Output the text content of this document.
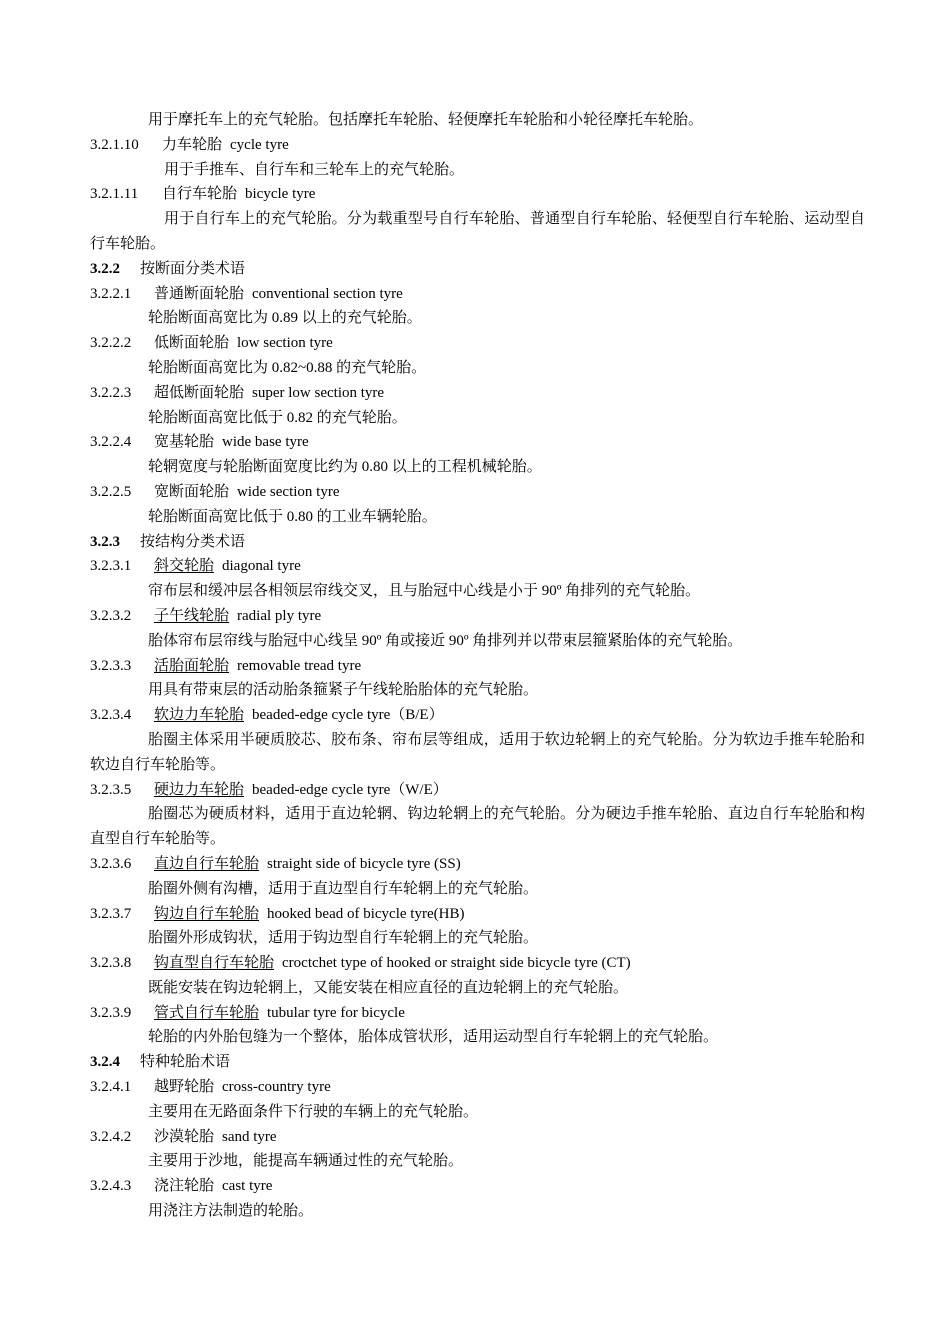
用于摩托车上的充气轮胎。包括摩托车轮胎、轻便摩托车轮胎和小轮径摩托车轮胎。
3.2.1.10 力车轮胎 cycle tyre
用于手推车、自行车和三轮车上的充气轮胎。
3.2.1.11 自行车轮胎 bicycle tyre
用于自行车上的充气轮胎。分为载重型号自行车轮胎、普通型自行车轮胎、轻便型自行车轮胎、运动型自行车轮胎。
3.2.2 按断面分类术语
3.2.2.1 普通断面轮胎 conventional section tyre
轮胎断面高宽比为 0.89 以上的充气轮胎。
3.2.2.2 低断面轮胎 low section tyre
轮胎断面高宽比为 0.82~0.88 的充气轮胎。
3.2.2.3 超低断面轮胎 super low section tyre
轮胎断面高宽比低于 0.82 的充气轮胎。
3.2.2.4 宽基轮胎 wide base tyre
轮辋宽度与轮胎断面宽度比约为 0.80 以上的工程机械轮胎。
3.2.2.5 宽断面轮胎 wide section tyre
轮胎断面高宽比低于 0.80 的工业车辆轮胎。
3.2.3 按结构分类术语
3.2.3.1 斜交轮胎 diagonal tyre
帘布层和缓冲层各相领层帘线交叉，且与胎冠中心线是小于 90º 角排列的充气轮胎。
3.2.3.2 子午线轮胎 radial ply tyre
胎体帘布层帘线与胎冠中心线呈 90º 角或接近 90º 角排列并以带束层箍紧胎体的充气轮胎。
3.2.3.3 活胎面轮胎 removable tread tyre
用具有带束层的活动胎条箍紧子午线轮胎胎体的充气轮胎。
3.2.3.4 软边力车轮胎 beaded-edge cycle tyre（B/E）
胎圈主体采用半硬质胶芯、胶布条、帘布层等组成，适用于软边轮辋上的充气轮胎。分为软边手推车轮胎和软边自行车轮胎等。
3.2.3.5 硬边力车轮胎 beaded-edge cycle tyre（W/E）
胎圈芯为硬质材料，适用于直边轮辋、钩边轮辋上的充气轮胎。分为硬边手推车轮胎、直边自行车轮胎和构直型自行车轮胎等。
3.2.3.6 直边自行车轮胎 straight side of bicycle tyre (SS)
胎圈外侧有沟槽，适用于直边型自行车轮辋上的充气轮胎。
3.2.3.7 钩边自行车轮胎 hooked bead of bicycle tyre(HB)
胎圈外形成钩状，适用于钩边型自行车轮辋上的充气轮胎。
3.2.3.8 钩直型自行车轮胎 croctchet type of hooked or straight side bicycle tyre (CT)
既能安装在钩边轮辋上，又能安装在相应直径的直边轮辋上的充气轮胎。
3.2.3.9 管式自行车轮胎 tubular tyre for bicycle
轮胎的内外胎包缝为一个整体，胎体成管状形，适用运动型自行车轮辋上的充气轮胎。
3.2.4 特种轮胎术语
3.2.4.1 越野轮胎 cross-country tyre
主要用在无路面条件下行驶的车辆上的充气轮胎。
3.2.4.2 沙漠轮胎 sand tyre
主要用于沙地，能提高车辆通过性的充气轮胎。
3.2.4.3 浇注轮胎 cast tyre
用浇注方法制造的轮胎。
